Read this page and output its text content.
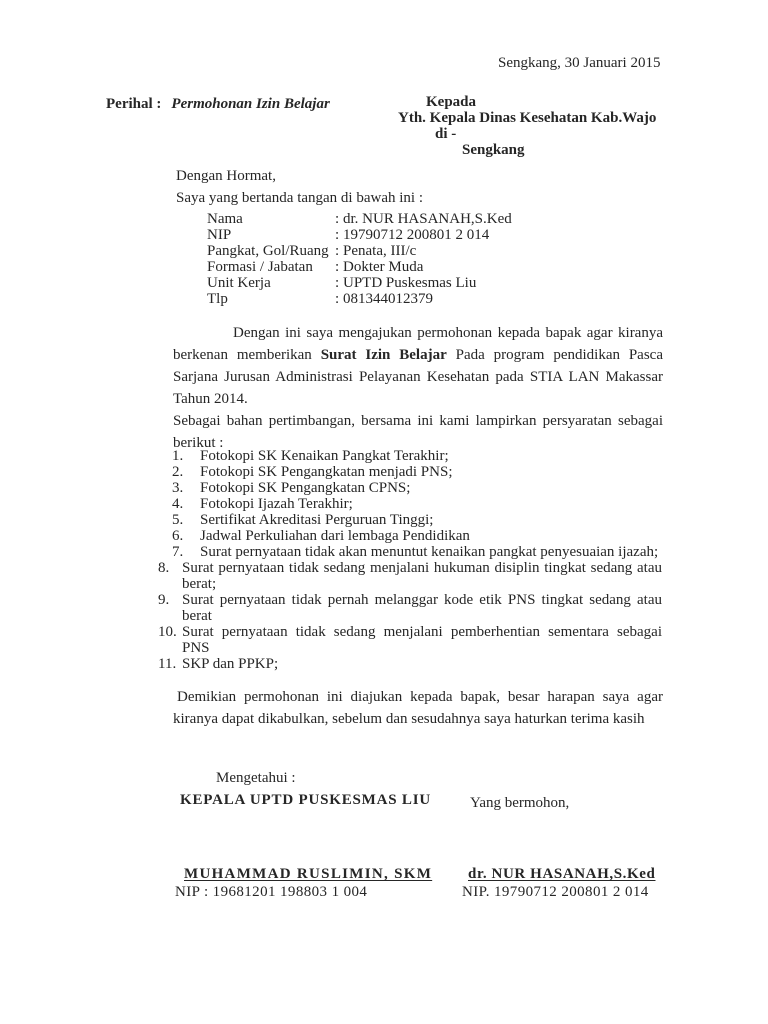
Sengkang, 30 Januari 2015
Perihal : Permohonan Izin Belajar	Kepada
Yth. Kepala Dinas Kesehatan Kab.Wajo
di -
Sengkang
Dengan Hormat,
Saya yang bertanda tangan di bawah ini :
Nama	: dr. NUR HASANAH,S.Ked
NIP	: 19790712 200801 2 014
Pangkat, Gol/Ruang : Penata, III/c
Formasi / Jabatan	: Dokter Muda
Unit Kerja	: UPTD Puskesmas Liu
Tlp	: 081344012379
Dengan ini saya mengajukan permohonan kepada bapak agar kiranya berkenan memberikan Surat Izin Belajar Pada program pendidikan Pasca Sarjana Jurusan Administrasi Pelayanan Kesehatan pada STIA LAN Makassar Tahun 2014.
Sebagai bahan pertimbangan, bersama ini kami lampirkan persyaratan sebagai berikut :
1.	Fotokopi SK Kenaikan Pangkat Terakhir;
2.	Fotokopi SK Pengangkatan menjadi PNS;
3.	Fotokopi SK Pengangkatan CPNS;
4.	Fotokopi Ijazah Terakhir;
5.	Sertifikat Akreditasi Perguruan Tinggi;
6.	Jadwal Perkuliahan dari lembaga Pendidikan
7.	Surat pernyataan tidak akan menuntut kenaikan pangkat penyesuaian ijazah;
8. Surat pernyataan tidak sedang menjalani hukuman disiplin tingkat sedang atau berat;
9. Surat pernyataan tidak pernah melanggar kode etik PNS tingkat sedang atau berat
10. Surat pernyataan tidak sedang menjalani pemberhentian sementara sebagai PNS
11. SKP dan PPKP;
Demikian permohonan ini diajukan kepada bapak, besar harapan saya agar kiranya dapat dikabulkan, sebelum dan sesudahnya saya haturkan terima kasih
Mengetahui :
KEPALA UPTD PUSKESMAS LIU	Yang bermohon,
MUHAMMAD RUSLIMIN, SKM
NIP : 19681201 198803 1 004
dr. NUR HASANAH,S.Ked
NIP. 19790712 200801 2 014
